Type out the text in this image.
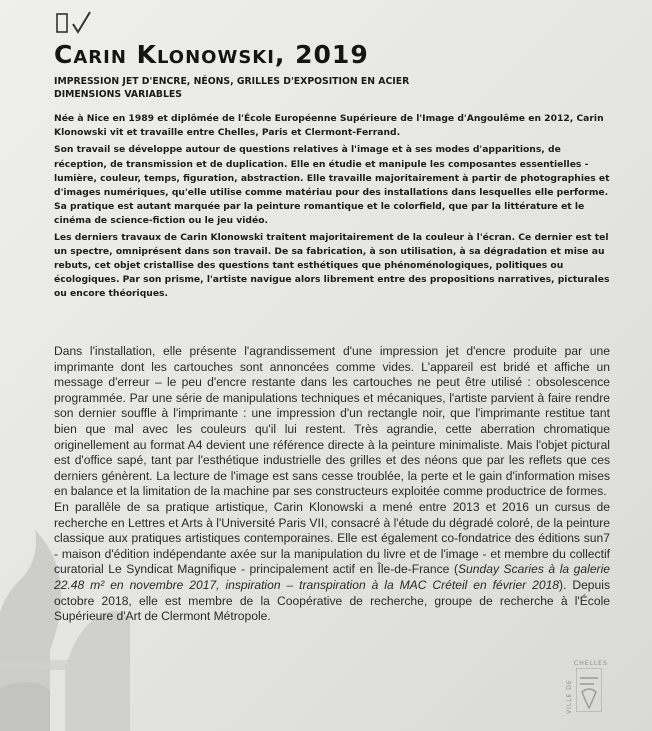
Carin Klonowski, 2019
IMPRESSION JET D'ENCRE, NÉONS, GRILLES D'EXPOSITION EN ACIER
DIMENSIONS VARIABLES

Née à Nice en 1989 et diplômée de l'École Européenne Supérieure de l'Image d'Angoulême en 2012, Carin Klonowski vit et travaille entre Chelles, Paris et Clermont-Ferrand.

Son travail se développe autour de questions relatives à l'image et à ses modes d'apparitions, de réception, de transmission et de duplication. Elle en étudie et manipule les composantes essentielles - lumière, couleur, temps, figuration, abstraction. Elle travaille majoritairement à partir de photographies et d'images numériques, qu'elle utilise comme matériau pour des installations dans lesquelles elle performe. Sa pratique est autant marquée par la peinture romantique et le colorfield, que par la littérature et le cinéma de science-fiction ou le jeu vidéo.

Les derniers travaux de Carin Klonowski traitent majoritairement de la couleur à l'écran. Ce dernier est tel un spectre, omniprésent dans son travail. De sa fabrication, à son utilisation, à sa dégradation et mise au rebuts, cet objet cristallise des questions tant esthétiques que phénoménologiques, politiques ou écologiques. Par son prisme, l'artiste navigue alors librement entre des propositions narratives, picturales ou encore théoriques.

Dans l'installation, elle présente l'agrandissement d'une impression jet d'encre produite par une imprimante dont les cartouches sont annoncées comme vides. L'appareil est bridé et affiche un message d'erreur – le peu d'encre restante dans les cartouches ne peut être utilisé : obsolescence programmée. Par une série de manipulations techniques et mécaniques, l'artiste parvient à faire rendre son dernier souffle à l'imprimante : une impression d'un rectangle noir, que l'imprimante restitue tant bien que mal avec les couleurs qu'il lui restent. Très agrandie, cette aberration chromatique originellement au format A4 devient une référence directe à la peinture minimaliste. Mais l'objet pictural est d'office sapé, tant par l'esthétique industrielle des grilles et des néons que par les reflets que ces derniers génèrent. La lecture de l'image est sans cesse troublée, la perte et le gain d'information mises en balance et la limitation de la machine par ses constructeurs exploitée comme productrice de formes.

En parallèle de sa pratique artistique, Carin Klonowski a mené entre 2013 et 2016 un cursus de recherche en Lettres et Arts à l'Université Paris VII, consacré à l'étude du dégradé coloré, de la peinture classique aux pratiques artistiques contemporaines. Elle est également co-fondatrice des éditions sun7 - maison d'édition indépendante axée sur la manipulation du livre et de l'image - et membre du collectif curatorial Le Syndicat Magnifique - principalement actif en Île-de-France (Sunday Scaries à la galerie 22.48 m² en novembre 2017, inspiration – transpiration à la MAC Créteil en février 2018). Depuis octobre 2018, elle est membre de la Coopérative de recherche, groupe de recherche à l'École Supérieure d'Art de Clermont Métropole.

VILLE DE
CHELLES
